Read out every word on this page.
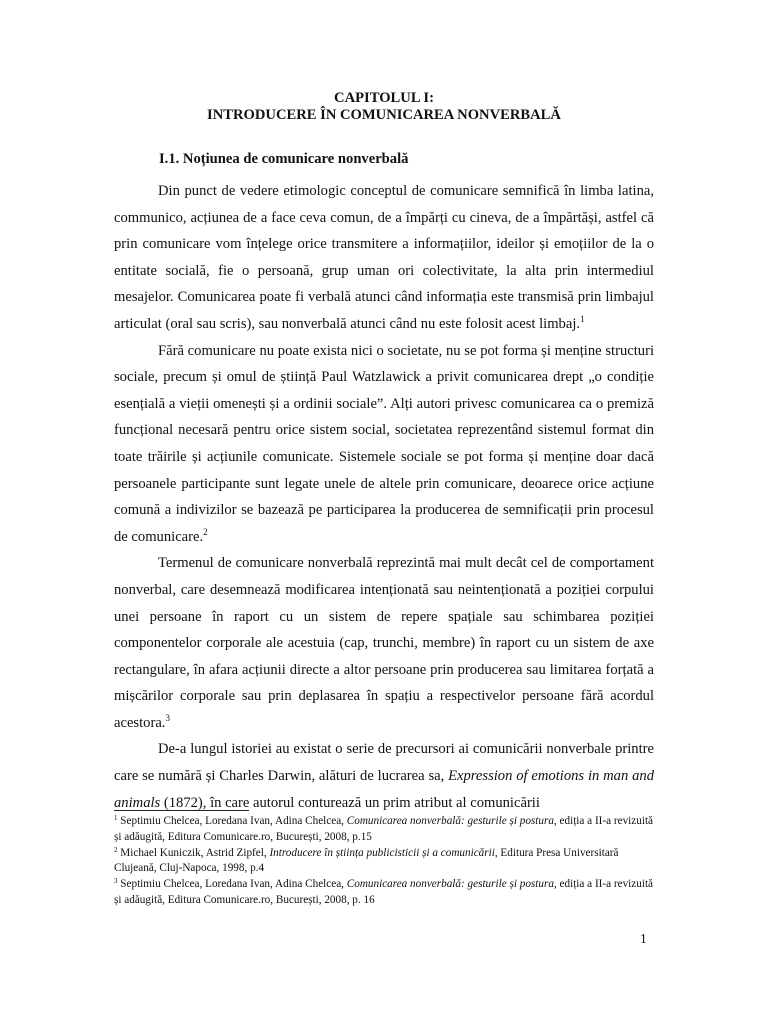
CAPITOLUL I:
INTRODUCERE ÎN COMUNICAREA NONVERBALĂ
I.1. Noțiunea de comunicare nonverbală

Din punct de vedere etimologic conceptul de comunicare semnifică în limba latina, communico, acțiunea de a face ceva comun, de a împărți cu cineva, de a împărtăși, astfel că prin comunicare vom înțelege orice transmitere a informațiilor, ideilor și emoțiilor de la o entitate socială, fie o persoană, grup uman ori colectivitate, la alta prin intermediul mesajelor. Comunicarea poate fi verbală atunci când informația este transmisă prin limbajul articulat (oral sau scris), sau nonverbală atunci când nu este folosit acest limbaj.$^1$

Fără comunicare nu poate exista nici o societate, nu se pot forma și menține structuri sociale, precum și omul de știință Paul Watzlawick a privit comunicarea drept „o condiție esențială a vieții omenești și a ordinii sociale”. Alți autori privesc comunicarea ca o premiză funcțional necesară pentru orice sistem social, societatea reprezentând sistemul format din toate trăirile și acțiunile comunicate. Sistemele sociale se pot forma și menține doar dacă persoanele participante sunt legate unele de altele prin comunicare, deoarece orice acțiune comună a indivizilor se bazează pe participarea la producerea de semnificații prin procesul de comunicare.$^2$

Termenul de comunicare nonverbală reprezintă mai mult decât cel de comportament nonverbal, care desemnează modificarea intenționată sau neintenționată a poziției corpului unei persoane în raport cu un sistem de repere spațiale sau schimbarea poziției componentelor corporale ale acestuia (cap, trunchi, membre) în raport cu un sistem de axe rectangulare, în afara acțiunii directe a altor persoane prin producerea sau limitarea forțată a mișcărilor corporale sau prin deplasarea în spațiu a respectivelor persoane fără acordul acestora.$^3$

De-a lungul istoriei au existat o serie de precursori ai comunicării nonverbale printre care se numără și Charles Darwin, alături de lucrarea sa, Expression of emotions in man and animals (1872), în care autorul conturează un prim atribut al comunicării

$^1$ Septimiu Chelcea, Loredana Ivan, Adina Chelcea, Comunicarea nonverbală: gesturile și postura, ediția a II-a revizuită și adăugită, Editura Comunicare.ro, București, 2008, p.15
$^2$ Michael Kuniczik, Astrid Zipfel, Introducere în știința publicisticii și a comunicării, Editura Presa Universitară Clujeană, Cluj-Napoca, 1998, p.4
$^3$ Septimiu Chelcea, Loredana Ivan, Adina Chelcea, Comunicarea nonverbală: gesturile și postura, ediția a II-a revizuită și adăugită, Editura Comunicare.ro, București, 2008, p. 16
1
